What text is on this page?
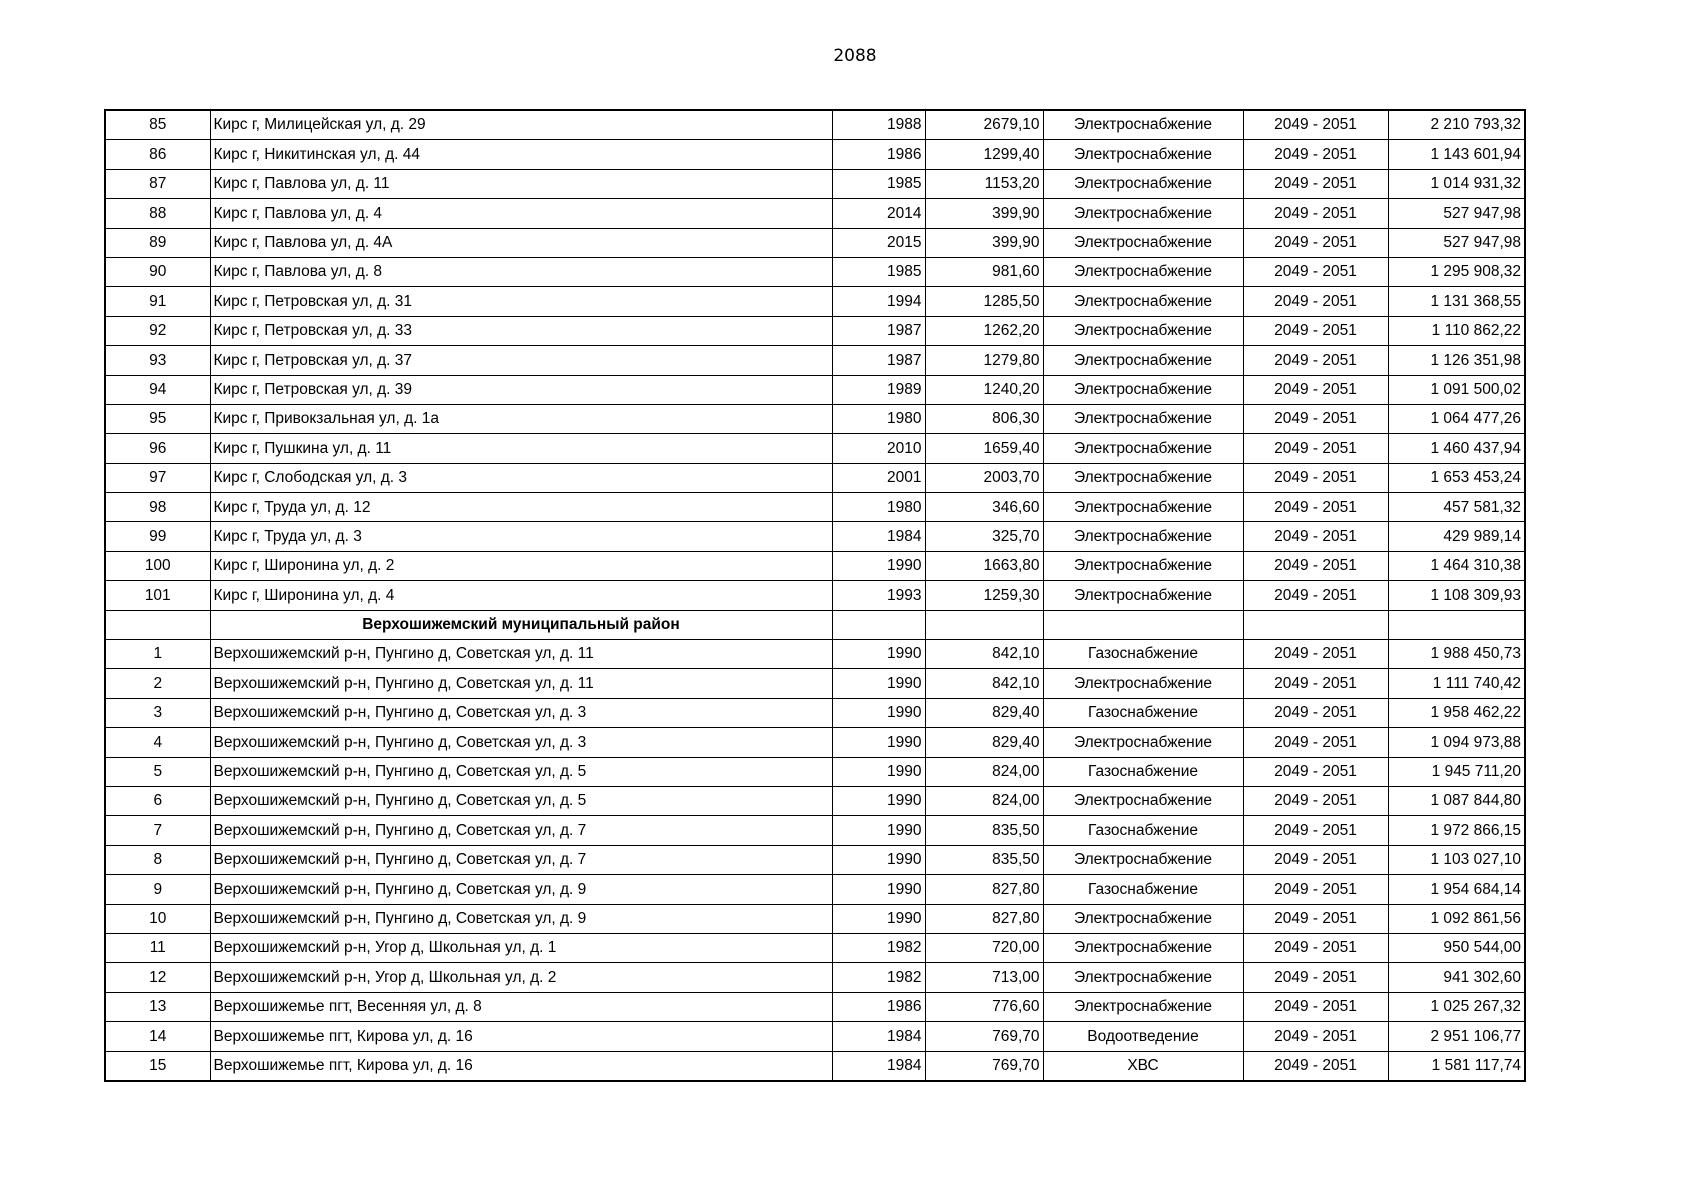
2088
85	Кирс г, Милицейская ул, д. 29	1988	2679,10	Электроснабжение	2049 - 2051	2 210 793,32
86	Кирс г, Никитинская ул, д. 44	1986	1299,40	Электроснабжение	2049 - 2051	1 143 601,94
87	Кирс г, Павлова ул, д. 11	1985	1153,20	Электроснабжение	2049 - 2051	1 014 931,32
88	Кирс г, Павлова ул, д. 4	2014	399,90	Электроснабжение	2049 - 2051	527 947,98
89	Кирс г, Павлова ул, д. 4А	2015	399,90	Электроснабжение	2049 - 2051	527 947,98
90	Кирс г, Павлова ул, д. 8	1985	981,60	Электроснабжение	2049 - 2051	1 295 908,32
91	Кирс г, Петровская ул, д. 31	1994	1285,50	Электроснабжение	2049 - 2051	1 131 368,55
92	Кирс г, Петровская ул, д. 33	1987	1262,20	Электроснабжение	2049 - 2051	1 110 862,22
93	Кирс г, Петровская ул, д. 37	1987	1279,80	Электроснабжение	2049 - 2051	1 126 351,98
94	Кирс г, Петровская ул, д. 39	1989	1240,20	Электроснабжение	2049 - 2051	1 091 500,02
95	Кирс г, Привокзальная ул, д. 1а	1980	806,30	Электроснабжение	2049 - 2051	1 064 477,26
96	Кирс г, Пушкина ул, д. 11	2010	1659,40	Электроснабжение	2049 - 2051	1 460 437,94
97	Кирс г, Слободская ул, д. 3	2001	2003,70	Электроснабжение	2049 - 2051	1 653 453,24
98	Кирс г, Труда ул, д. 12	1980	346,60	Электроснабжение	2049 - 2051	457 581,32
99	Кирс г, Труда ул, д. 3	1984	325,70	Электроснабжение	2049 - 2051	429 989,14
100	Кирс г, Широнина ул, д. 2	1990	1663,80	Электроснабжение	2049 - 2051	1 464 310,38
101	Кирс г, Широнина ул, д. 4	1993	1259,30	Электроснабжение	2049 - 2051	1 108 309,93
	Верхошижемский муниципальный район					
1	Верхошижемский р-н, Пунгино д, Советская ул, д. 11	1990	842,10	Газоснабжение	2049 - 2051	1 988 450,73
2	Верхошижемский р-н, Пунгино д, Советская ул, д. 11	1990	842,10	Электроснабжение	2049 - 2051	1 111 740,42
3	Верхошижемский р-н, Пунгино д, Советская ул, д. 3	1990	829,40	Газоснабжение	2049 - 2051	1 958 462,22
4	Верхошижемский р-н, Пунгино д, Советская ул, д. 3	1990	829,40	Электроснабжение	2049 - 2051	1 094 973,88
5	Верхошижемский р-н, Пунгино д, Советская ул, д. 5	1990	824,00	Газоснабжение	2049 - 2051	1 945 711,20
6	Верхошижемский р-н, Пунгино д, Советская ул, д. 5	1990	824,00	Электроснабжение	2049 - 2051	1 087 844,80
7	Верхошижемский р-н, Пунгино д, Советская ул, д. 7	1990	835,50	Газоснабжение	2049 - 2051	1 972 866,15
8	Верхошижемский р-н, Пунгино д, Советская ул, д. 7	1990	835,50	Электроснабжение	2049 - 2051	1 103 027,10
9	Верхошижемский р-н, Пунгино д, Советская ул, д. 9	1990	827,80	Газоснабжение	2049 - 2051	1 954 684,14
10	Верхошижемский р-н, Пунгино д, Советская ул, д. 9	1990	827,80	Электроснабжение	2049 - 2051	1 092 861,56
11	Верхошижемский р-н, Угор д, Школьная ул, д. 1	1982	720,00	Электроснабжение	2049 - 2051	950 544,00
12	Верхошижемский р-н, Угор д, Школьная ул, д. 2	1982	713,00	Электроснабжение	2049 - 2051	941 302,60
13	Верхошижемье пгт, Весенняя ул, д. 8	1986	776,60	Электроснабжение	2049 - 2051	1 025 267,32
14	Верхошижемье пгт, Кирова ул, д. 16	1984	769,70	Водоотведение	2049 - 2051	2 951 106,77
15	Верхошижемье пгт, Кирова ул, д. 16	1984	769,70	ХВС	2049 - 2051	1 581 117,74
